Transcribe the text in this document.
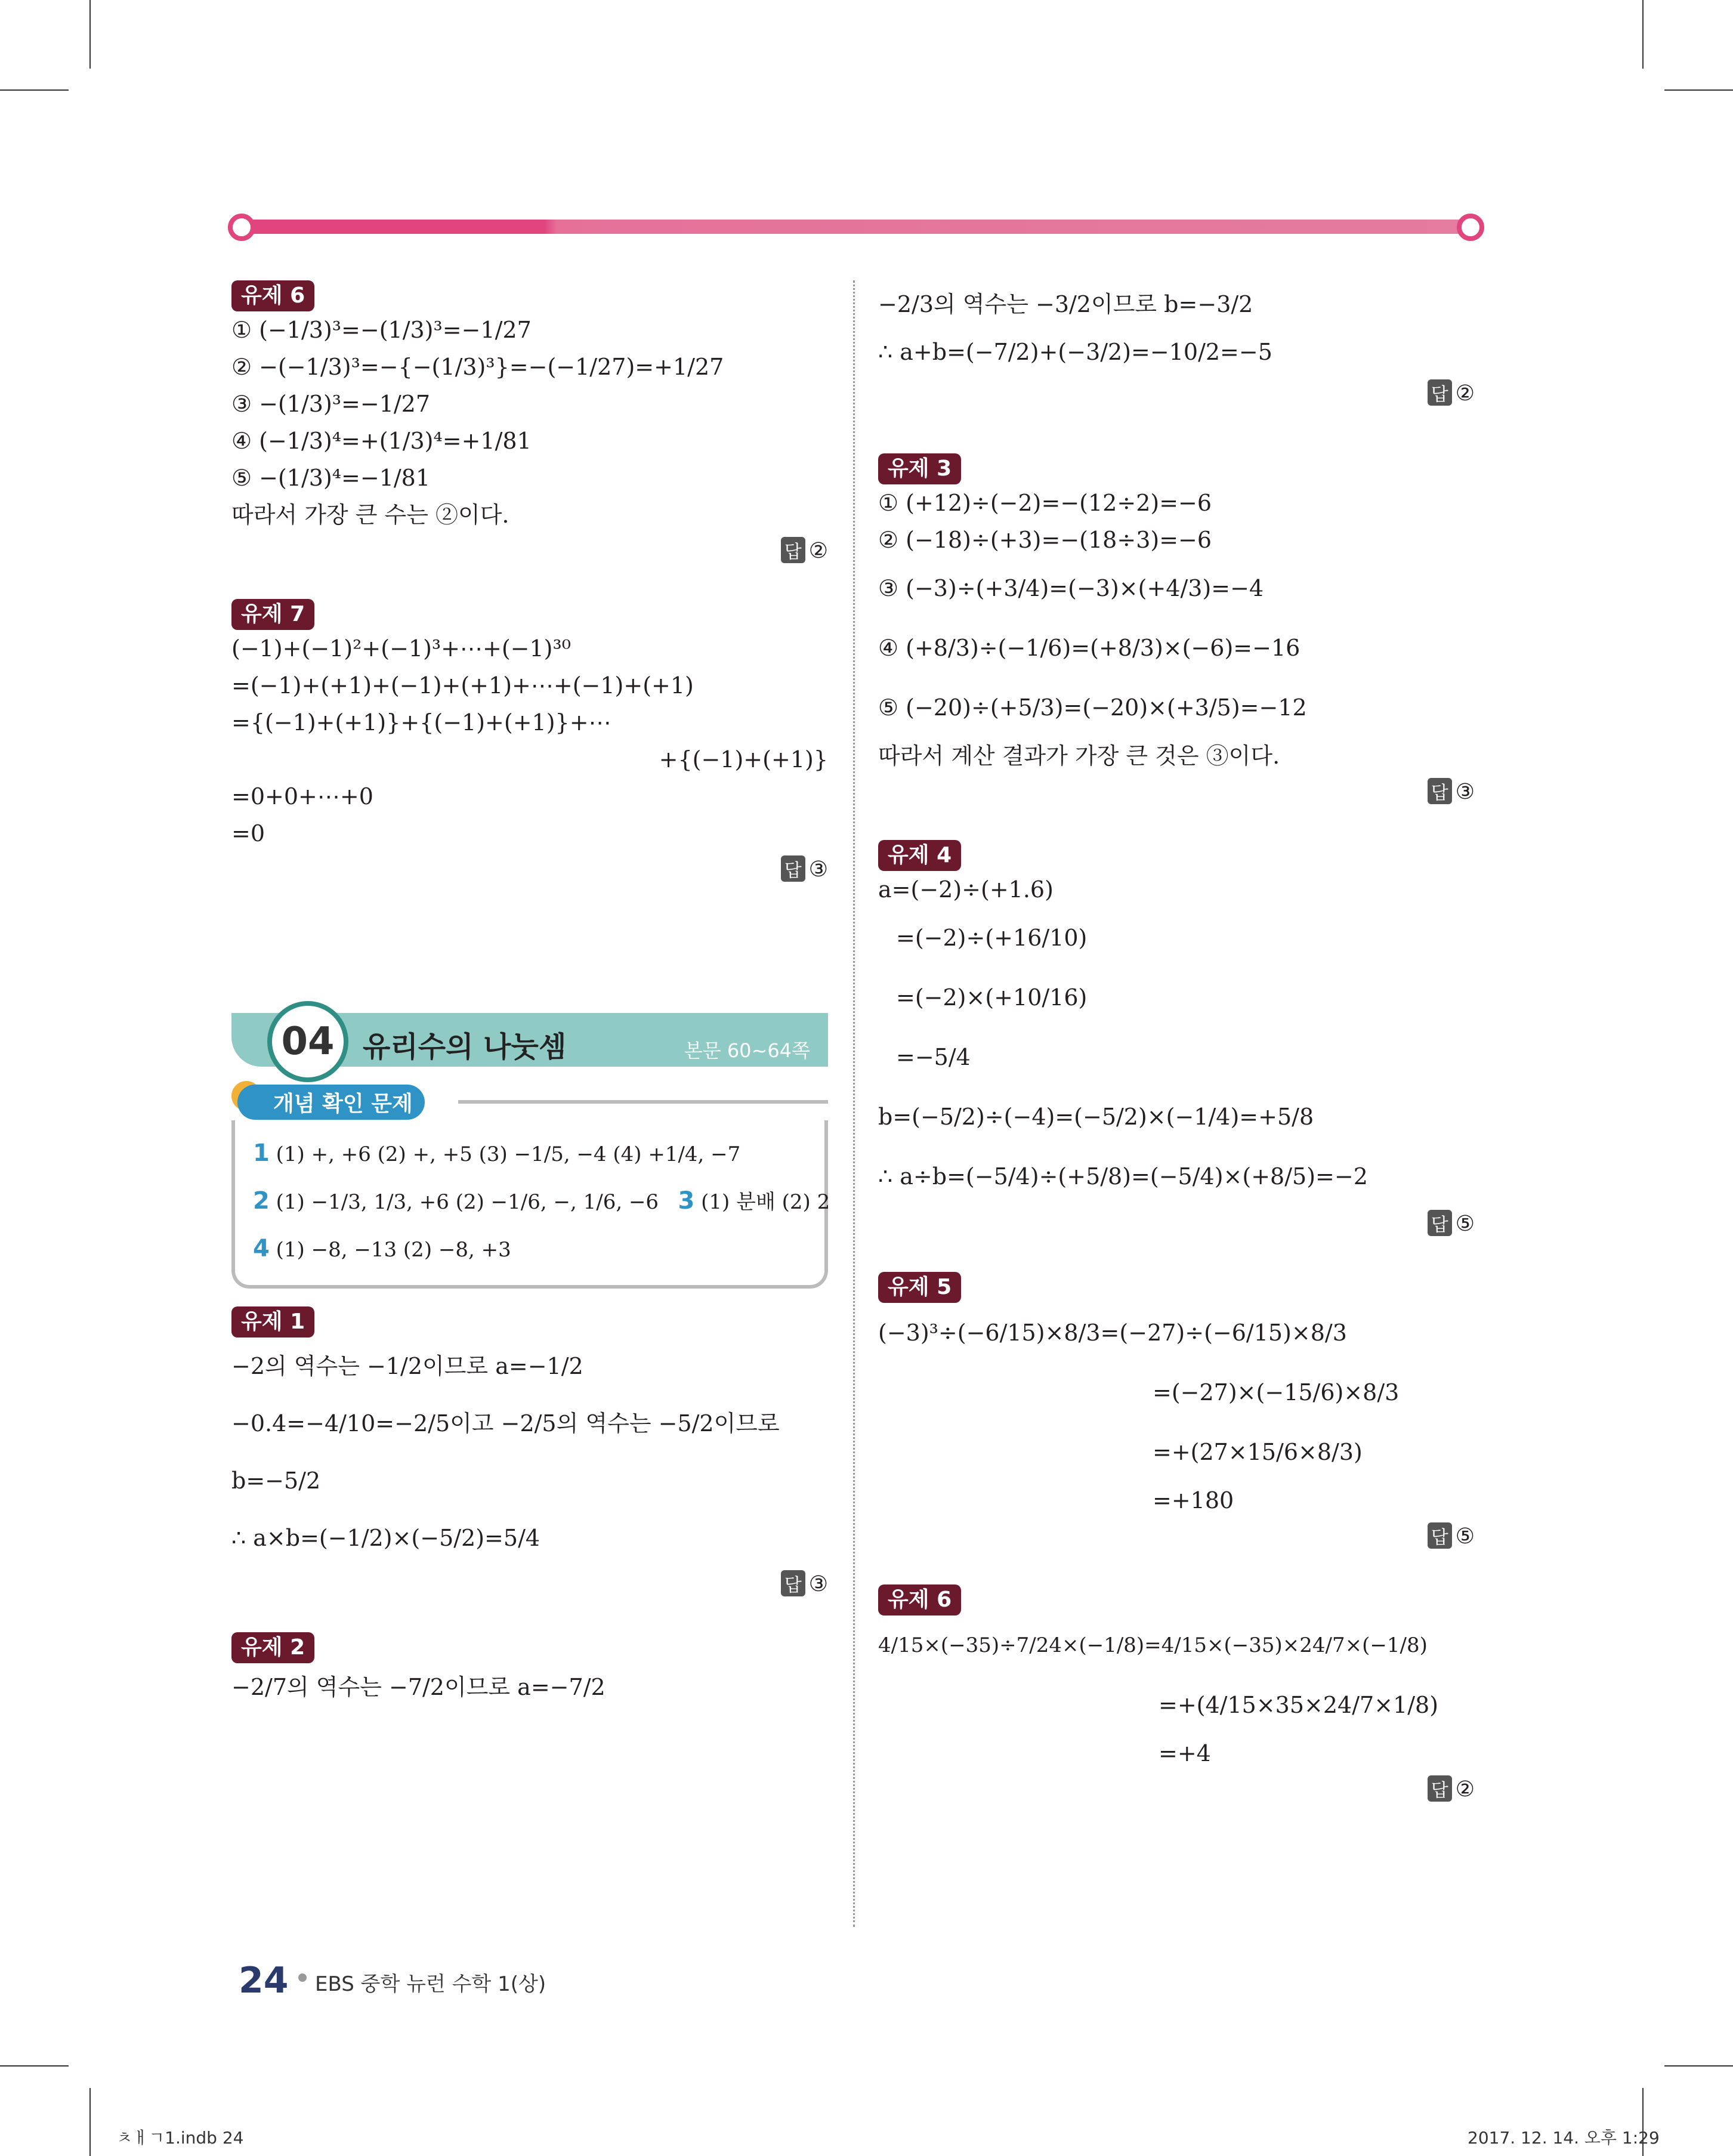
유제 6
① (−1/3)³=−(1/3)³=−1/27
② −(−1/3)³=−{−(1/3)³}=−(−1/27)=+1/27
③ −(1/3)³=−1/27
④ (−1/3)⁴=+(1/3)⁴=+1/81
⑤ −(1/3)⁴=−1/81
따라서 가장 큰 수는 ②이다.
답 ②
유제 7
(−1)+(−1)²+(−1)³+⋯+(−1)³⁰
=(−1)+(+1)+(−1)+(+1)+⋯+(−1)+(+1)
={(−1)+(+1)}+{(−1)+(+1)}+⋯
+{(−1)+(+1)}
=0+0+⋯+0
=0
답 ③
04 유리수의 나눗셈	본문 60~64쪽
개념 확인 문제
1 (1) +, +6 (2) +, +5 (3) −1/5, −4 (4) +1/4, −7
2 (1) −1/3, 1/3, +6 (2) −1/6, −, 1/6, −6 3 (1) 분배 (2) 2
4 (1) −8, −13 (2) −8, +3
유제 1
−2의 역수는 −1/2이므로 a=−1/2
−0.4=−4/10=−2/5이고 −2/5의 역수는 −5/2이므로
b=−5/2
∴ a×b=(−1/2)×(−5/2)=5/4
답 ③
유제 2
−2/7의 역수는 −7/2이므로 a=−7/2
−2/3의 역수는 −3/2이므로 b=−3/2
∴ a+b=(−7/2)+(−3/2)=−10/2=−5
답 ②
유제 3
① (+12)÷(−2)=−(12÷2)=−6
② (−18)÷(+3)=−(18÷3)=−6
③ (−3)÷(+3/4)=(−3)×(+4/3)=−4
④ (+8/3)÷(−1/6)=(+8/3)×(−6)=−16
⑤ (−20)÷(+5/3)=(−20)×(+3/5)=−12
따라서 계산 결과가 가장 큰 것은 ③이다.
답 ③
유제 4
a=(−2)÷(+1.6)
=(−2)÷(+16/10)
=(−2)×(+10/16)
=−5/4
b=(−5/2)÷(−4)=(−5/2)×(−1/4)=+5/8
∴ a÷b=(−5/4)÷(+5/8)=(−5/4)×(+8/5)=−2
답 ⑤
유제 5
(−3)³÷(−6/15)×8/3=(−27)÷(−6/15)×8/3
=(−27)×(−15/6)×8/3
=+(27×15/6×8/3)
=+180
답 ⑤
유제 6
4/15×(−35)÷7/24×(−1/8)=4/15×(−35)×24/7×(−1/8)
=+(4/15×35×24/7×1/8)
=+4
답 ②
24 EBS 중학 뉴런 수학 1(상)
ㅊㅐㄱ1.indb 24	2017. 12. 14. 오후 1:29
